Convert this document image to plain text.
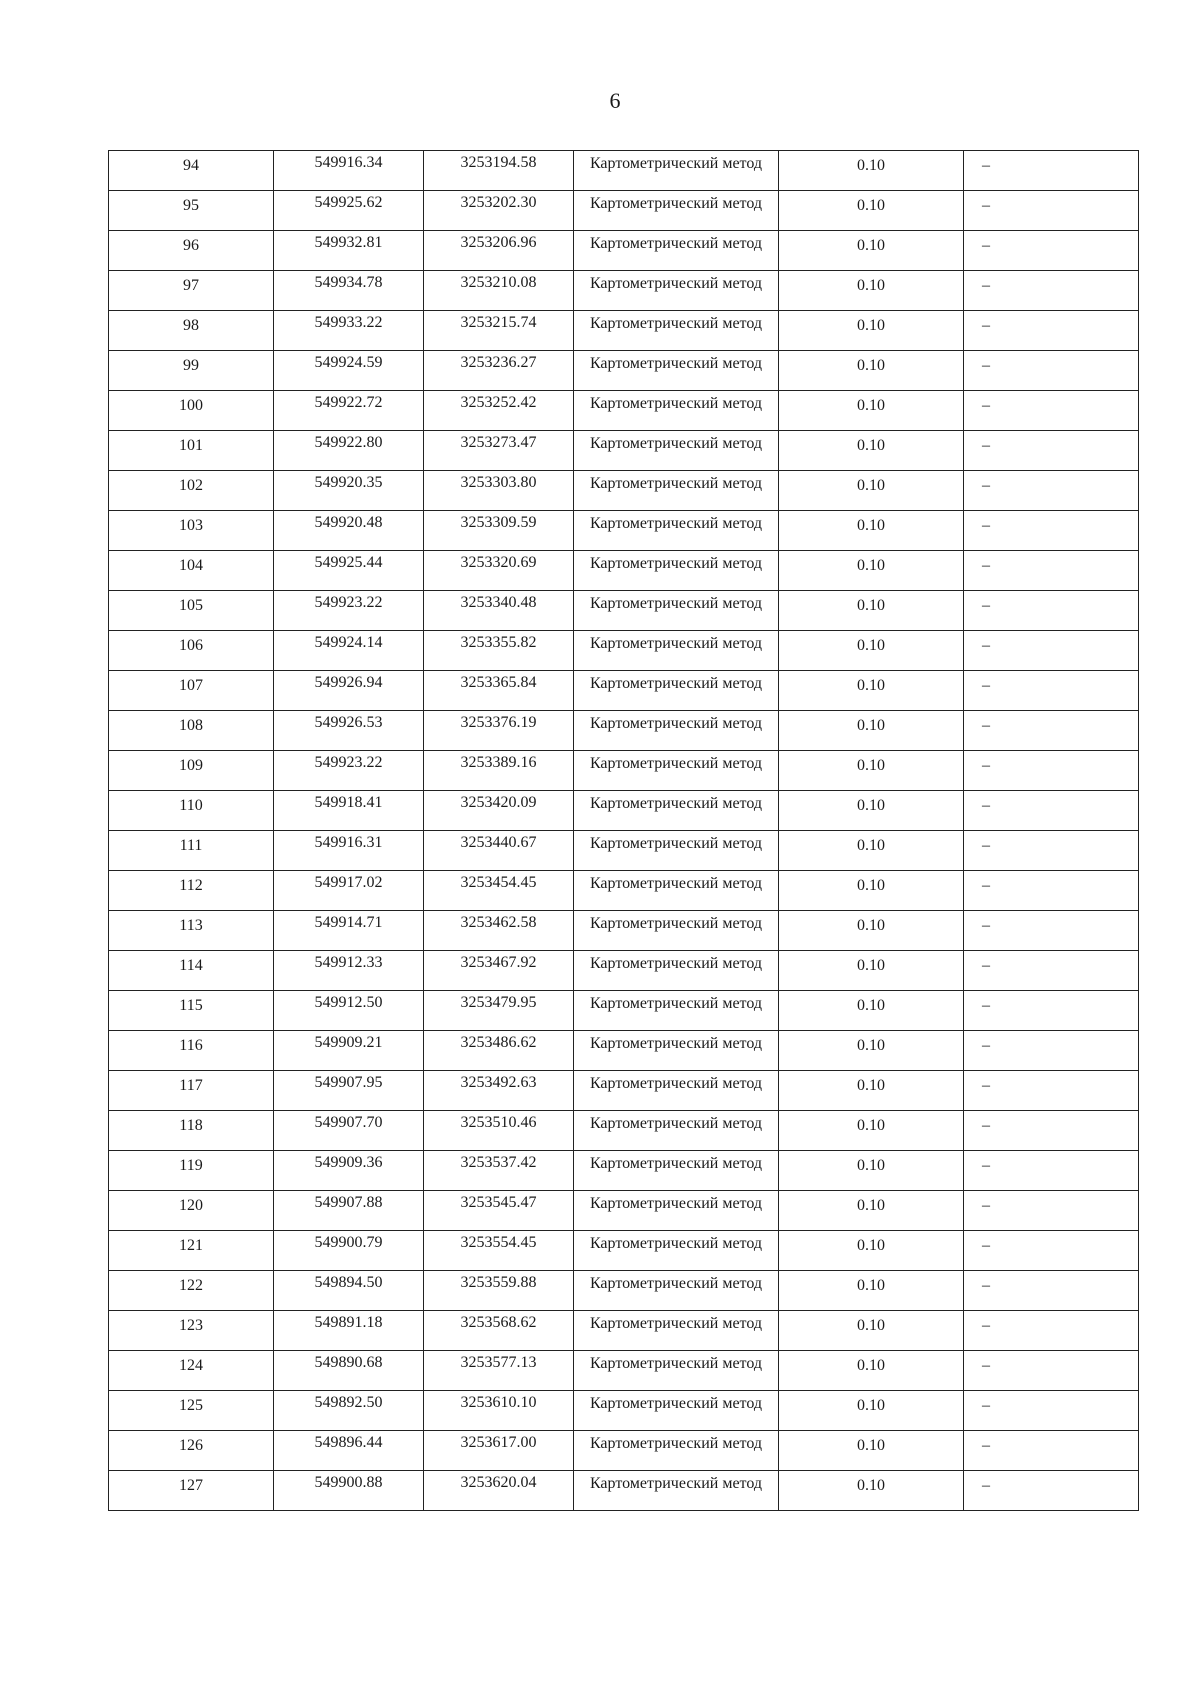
6
94	549916.34	3253194.58	Картометрический метод	0.10	–

95	549925.62	3253202.30	Картометрический метод	0.10	–

96	549932.81	3253206.96	Картометрический метод	0.10	–

97	549934.78	3253210.08	Картометрический метод	0.10	–

98	549933.22	3253215.74	Картометрический метод	0.10	–

99	549924.59	3253236.27	Картометрический метод	0.10	–

100	549922.72	3253252.42	Картометрический метод	0.10	–

101	549922.80	3253273.47	Картометрический метод	0.10	–

102	549920.35	3253303.80	Картометрический метод	0.10	–

103	549920.48	3253309.59	Картометрический метод	0.10	–

104	549925.44	3253320.69	Картометрический метод	0.10	–

105	549923.22	3253340.48	Картометрический метод	0.10	–

106	549924.14	3253355.82	Картометрический метод	0.10	–

107	549926.94	3253365.84	Картометрический метод	0.10	–

108	549926.53	3253376.19	Картометрический метод	0.10	–

109	549923.22	3253389.16	Картометрический метод	0.10	–

110	549918.41	3253420.09	Картометрический метод	0.10	–

111	549916.31	3253440.67	Картометрический метод	0.10	–

112	549917.02	3253454.45	Картометрический метод	0.10	–

113	549914.71	3253462.58	Картометрический метод	0.10	–

114	549912.33	3253467.92	Картометрический метод	0.10	–

115	549912.50	3253479.95	Картометрический метод	0.10	–

116	549909.21	3253486.62	Картометрический метод	0.10	–

117	549907.95	3253492.63	Картометрический метод	0.10	–

118	549907.70	3253510.46	Картометрический метод	0.10	–

119	549909.36	3253537.42	Картометрический метод	0.10	–

120	549907.88	3253545.47	Картометрический метод	0.10	–

121	549900.79	3253554.45	Картометрический метод	0.10	–

122	549894.50	3253559.88	Картометрический метод	0.10	–

123	549891.18	3253568.62	Картометрический метод	0.10	–

124	549890.68	3253577.13	Картометрический метод	0.10	–

125	549892.50	3253610.10	Картометрический метод	0.10	–

126	549896.44	3253617.00	Картометрический метод	0.10	–

127	549900.88	3253620.04	Картометрический метод	0.10	–
